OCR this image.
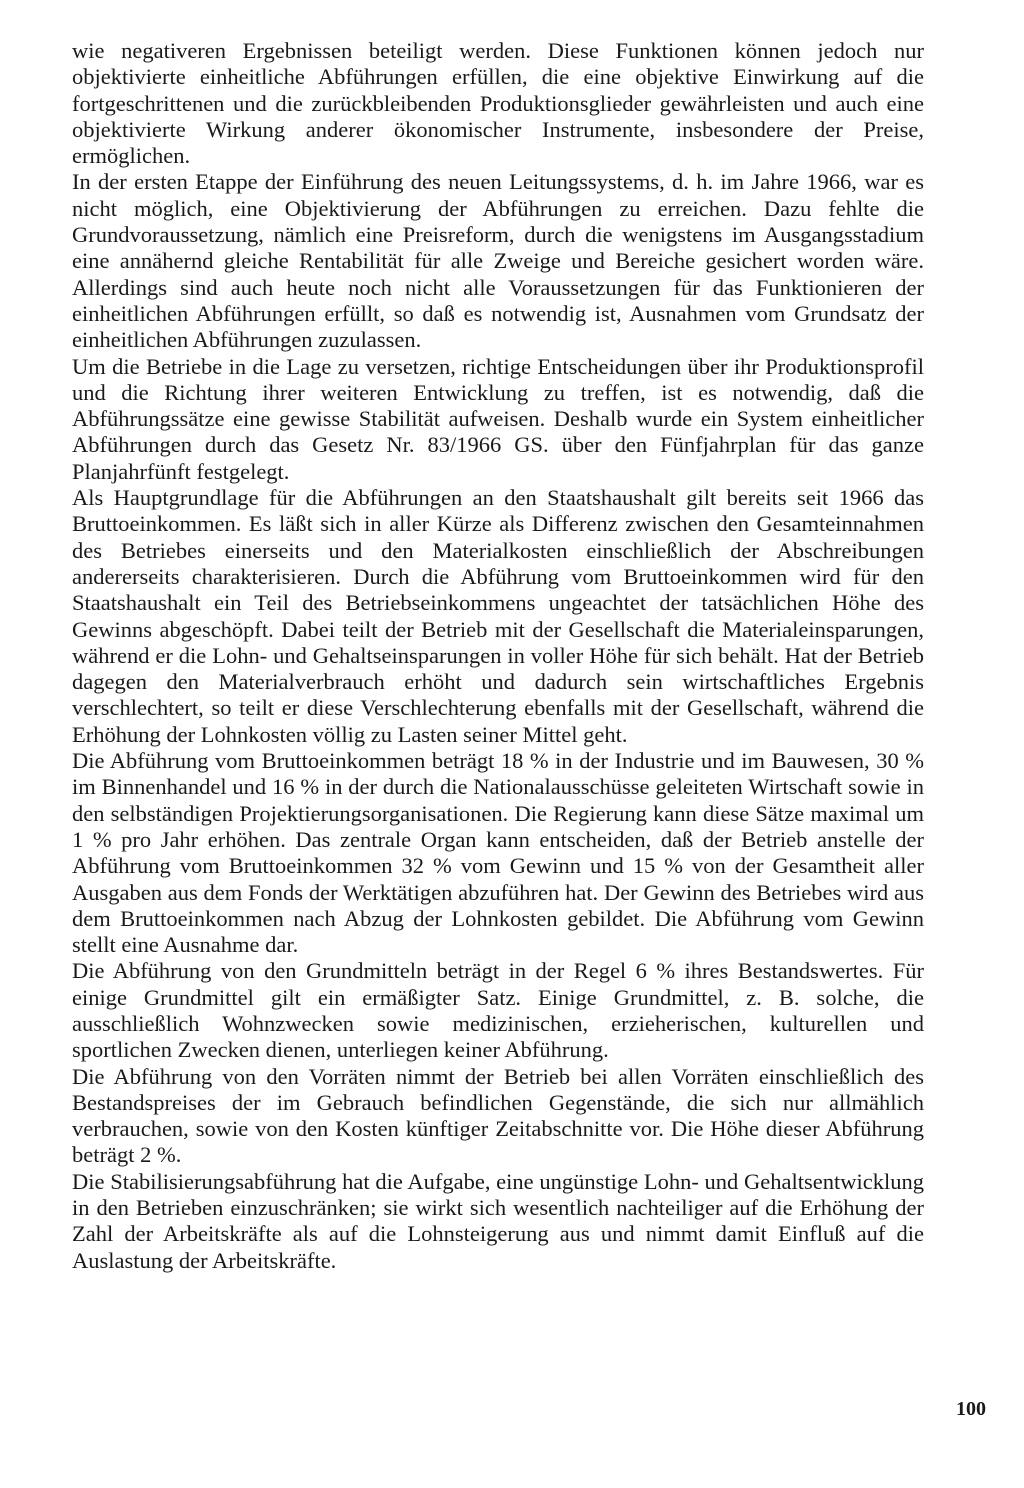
wie negativeren Ergebnissen beteiligt werden. Diese Funktionen können jedoch nur objektivierte einheitliche Abführungen erfüllen, die eine objektive Einwirkung auf die fortgeschrittenen und die zurückbleibenden Produktionsglieder gewährleisten und auch eine objektivierte Wirkung anderer ökonomischer Instrumente, insbesondere der Preise, ermöglichen.

In der ersten Etappe der Einführung des neuen Leitungssystems, d. h. im Jahre 1966, war es nicht möglich, eine Objektivierung der Abführungen zu erreichen. Dazu fehlte die Grundvoraussetzung, nämlich eine Preisreform, durch die wenigstens im Ausgangsstadium eine annähernd gleiche Rentabilität für alle Zweige und Bereiche gesichert worden wäre. Allerdings sind auch heute noch nicht alle Voraussetzungen für das Funktionieren der einheitlichen Abführungen erfüllt, so daß es notwendig ist, Ausnahmen vom Grundsatz der einheitlichen Abführungen zuzulassen.

Um die Betriebe in die Lage zu versetzen, richtige Entscheidungen über ihr Produktionsprofil und die Richtung ihrer weiteren Entwicklung zu treffen, ist es notwendig, daß die Abführungssätze eine gewisse Stabilität aufweisen. Deshalb wurde ein System einheitlicher Abführungen durch das Gesetz Nr. 83/1966 GS. über den Fünfjahrplan für das ganze Planjahrfünft festgelegt.

Als Hauptgrundlage für die Abführungen an den Staatshaushalt gilt bereits seit 1966 das Bruttoeinkommen. Es läßt sich in aller Kürze als Differenz zwischen den Gesamteinnahmen des Betriebes einerseits und den Materialkosten einschließlich der Abschreibungen andererseits charakterisieren. Durch die Abführung vom Bruttoeinkommen wird für den Staatshaushalt ein Teil des Betriebseinkommens ungeachtet der tatsächlichen Höhe des Gewinns abgeschöpft. Dabei teilt der Betrieb mit der Gesellschaft die Materialeinsparungen, während er die Lohn- und Gehaltseinsparungen in voller Höhe für sich behält. Hat der Betrieb dagegen den Materialverbrauch erhöht und dadurch sein wirtschaftliches Ergebnis verschlechtert, so teilt er diese Verschlechterung ebenfalls mit der Gesellschaft, während die Erhöhung der Lohnkosten völlig zu Lasten seiner Mittel geht.

Die Abführung vom Bruttoeinkommen beträgt 18 % in der Industrie und im Bauwesen, 30 % im Binnenhandel und 16 % in der durch die Nationalausschüsse geleiteten Wirtschaft sowie in den selbständigen Projektierungsorganisationen. Die Regierung kann diese Sätze maximal um 1 % pro Jahr erhöhen. Das zentrale Organ kann entscheiden, daß der Betrieb anstelle der Abführung vom Bruttoeinkommen 32 % vom Gewinn und 15 % von der Gesamtheit aller Ausgaben aus dem Fonds der Werktätigen abzuführen hat. Der Gewinn des Betriebes wird aus dem Bruttoeinkommen nach Abzug der Lohnkosten gebildet. Die Abführung vom Gewinn stellt eine Ausnahme dar.

Die Abführung von den Grundmitteln beträgt in der Regel 6 % ihres Bestandswertes. Für einige Grundmittel gilt ein ermäßigter Satz. Einige Grundmittel, z. B. solche, die ausschließlich Wohnzwecken sowie medizinischen, erzieherischen, kulturellen und sportlichen Zwecken dienen, unterliegen keiner Abführung.

Die Abführung von den Vorräten nimmt der Betrieb bei allen Vorräten einschließlich des Bestandspreises der im Gebrauch befindlichen Gegenstände, die sich nur allmählich verbrauchen, sowie von den Kosten künftiger Zeitabschnitte vor. Die Höhe dieser Abführung beträgt 2 %.

Die Stabilisierungsabführung hat die Aufgabe, eine ungünstige Lohn- und Gehaltsentwicklung in den Betrieben einzuschränken; sie wirkt sich wesentlich nachteiliger auf die Erhöhung der Zahl der Arbeitskräfte als auf die Lohnsteigerung aus und nimmt damit Einfluß auf die Auslastung der Arbeitskräfte.

100
